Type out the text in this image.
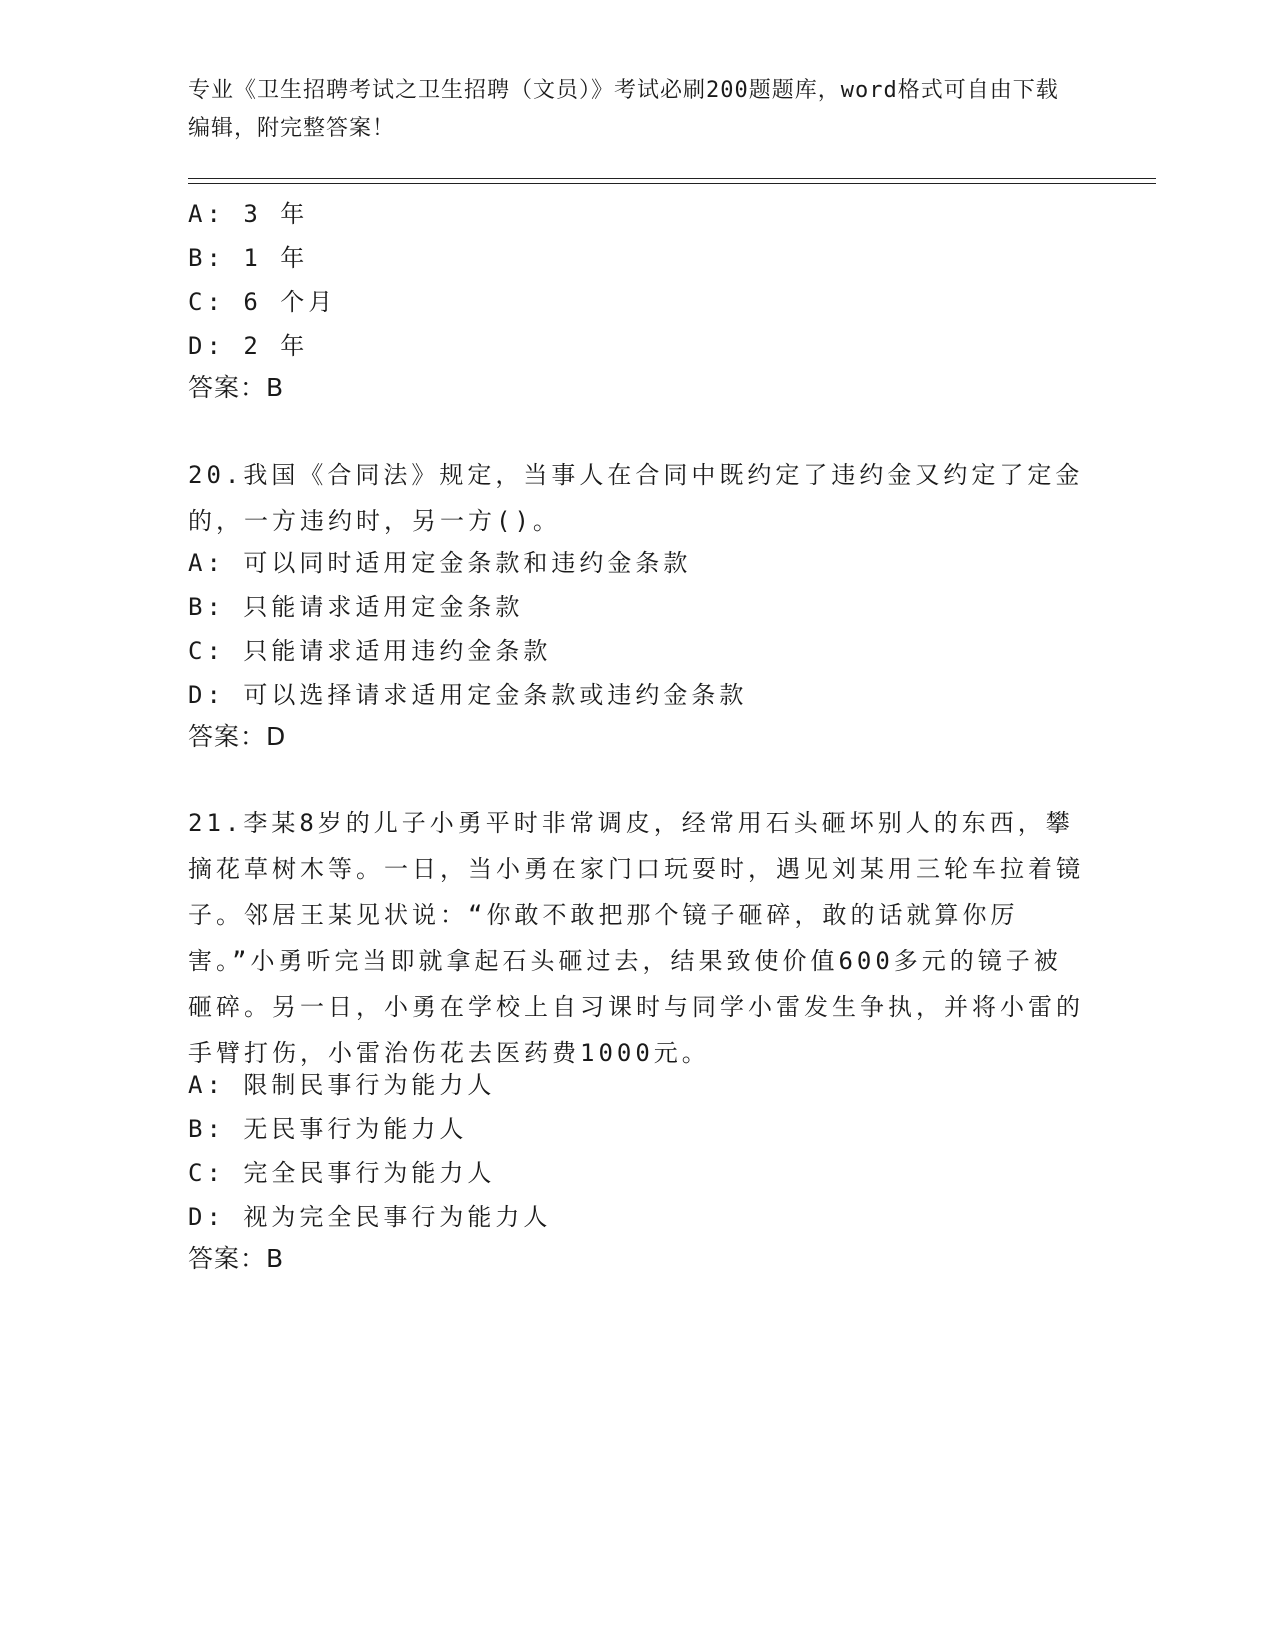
专业《卫生招聘考试之卫生招聘（文员）》考试必刷200题题库，word格式可自由下载编辑，附完整答案！

A: 3 年

B: 1 年

C: 6 个月

D: 2 年

答案：B

20.我国《合同法》规定，当事人在合同中既约定了违约金又约定了定金的，一方违约时，另一方()。

A: 可以同时适用定金条款和违约金条款

B: 只能请求适用定金条款

C: 只能请求适用违约金条款

D: 可以选择请求适用定金条款或违约金条款

答案：D

21.李某8岁的儿子小勇平时非常调皮，经常用石头砸坏别人的东西，攀摘花草树木等。一日，当小勇在家门口玩耍时，遇见刘某用三轮车拉着镜子。邻居王某见状说：“你敢不敢把那个镜子砸碎，敢的话就算你厉害。”小勇听完当即就拿起石头砸过去，结果致使价值600多元的镜子被砸碎。另一日，小勇在学校上自习课时与同学小雷发生争执，并将小雷的手臂打伤，小雷治伤花去医药费1000元。

A: 限制民事行为能力人

B: 无民事行为能力人

C: 完全民事行为能力人

D: 视为完全民事行为能力人

答案：B
